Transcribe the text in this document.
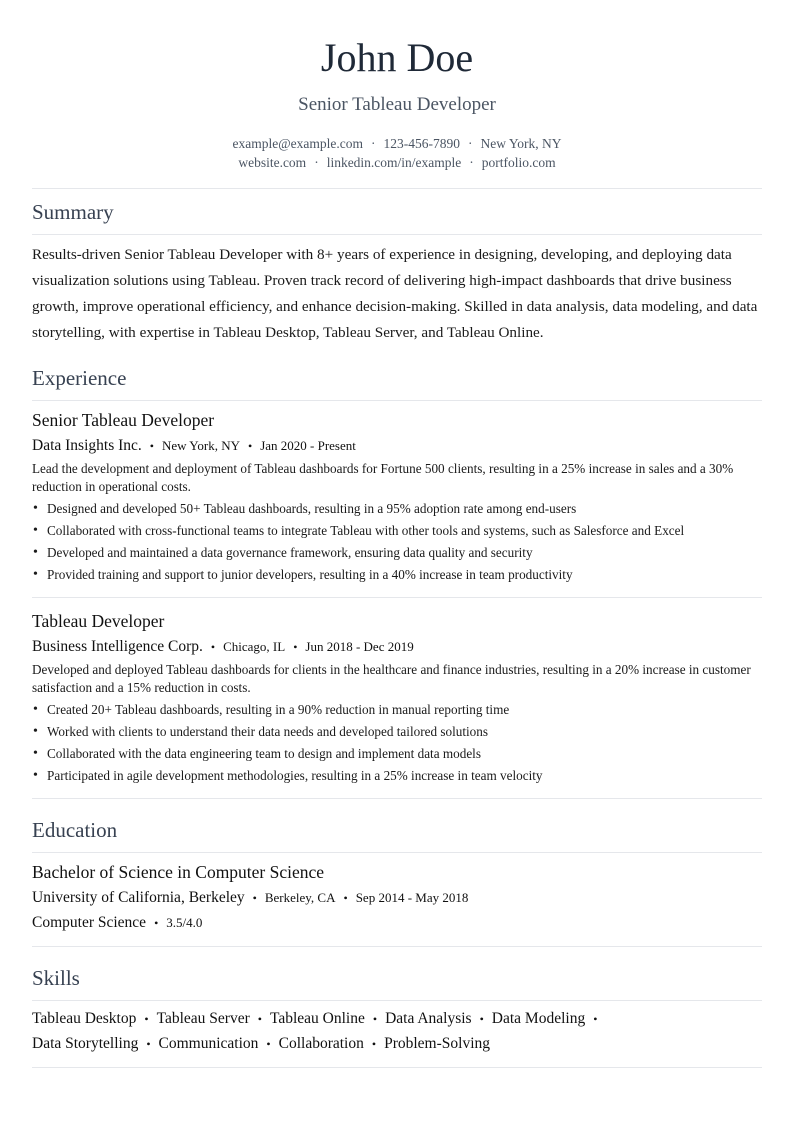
John Doe
Senior Tableau Developer
example@example.com · 123-456-7890 · New York, NY
website.com · linkedin.com/in/example · portfolio.com
Summary
Results-driven Senior Tableau Developer with 8+ years of experience in designing, developing, and deploying data visualization solutions using Tableau. Proven track record of delivering high-impact dashboards that drive business growth, improve operational efficiency, and enhance decision-making. Skilled in data analysis, data modeling, and data storytelling, with expertise in Tableau Desktop, Tableau Server, and Tableau Online.
Experience
Senior Tableau Developer
Data Insights Inc. • New York, NY • Jan 2020 - Present
Lead the development and deployment of Tableau dashboards for Fortune 500 clients, resulting in a 25% increase in sales and a 30% reduction in operational costs.
• Designed and developed 50+ Tableau dashboards, resulting in a 95% adoption rate among end-users
• Collaborated with cross-functional teams to integrate Tableau with other tools and systems, such as Salesforce and Excel
• Developed and maintained a data governance framework, ensuring data quality and security
• Provided training and support to junior developers, resulting in a 40% increase in team productivity
Tableau Developer
Business Intelligence Corp. • Chicago, IL • Jun 2018 - Dec 2019
Developed and deployed Tableau dashboards for clients in the healthcare and finance industries, resulting in a 20% increase in customer satisfaction and a 15% reduction in costs.
• Created 20+ Tableau dashboards, resulting in a 90% reduction in manual reporting time
• Worked with clients to understand their data needs and developed tailored solutions
• Collaborated with the data engineering team to design and implement data models
• Participated in agile development methodologies, resulting in a 25% increase in team velocity
Education
Bachelor of Science in Computer Science
University of California, Berkeley • Berkeley, CA • Sep 2014 - May 2018
Computer Science • 3.5/4.0
Skills
Tableau Desktop • Tableau Server • Tableau Online • Data Analysis • Data Modeling •
Data Storytelling • Communication • Collaboration • Problem-Solving
